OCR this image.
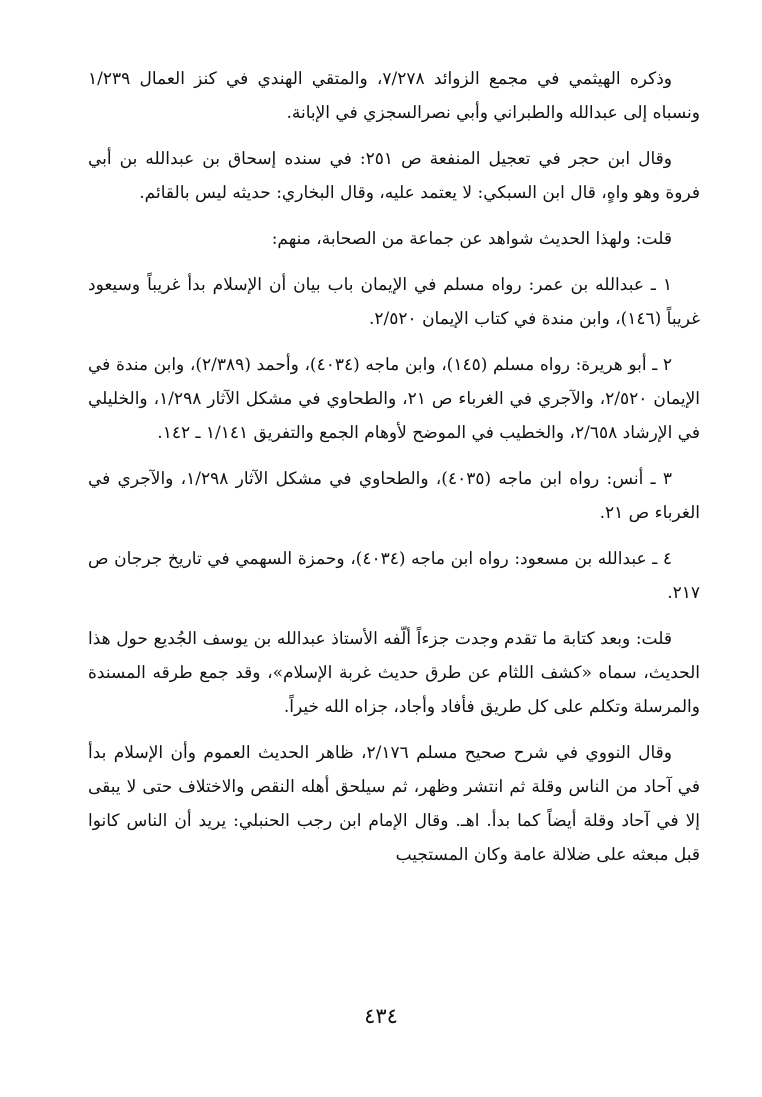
وذكره الهيثمي في مجمع الزوائد ٧/٢٧٨، والمتقي الهندي في كنز العمال ١/٢٣٩ ونسباه إلى عبدالله والطبراني وأبي نصرالسجزي في الإبانة.

وقال ابن حجر في تعجيل المنفعة ص ٢٥١: في سنده إسحاق بن عبدالله بن أبي فروة وهو واهٍ، قال ابن السبكي: لا يعتمد عليه، وقال البخاري: حديثه ليس بالقائم.

قلت: ولهذا الحديث شواهد عن جماعة من الصحابة، منهم:

١ ـ عبدالله بن عمر: رواه مسلم في الإيمان باب بيان أن الإسلام بدأ غريباً وسيعود غريباً (١٤٦)، وابن مندة في كتاب الإيمان ٢/٥٢٠.

٢ ـ أبو هريرة: رواه مسلم (١٤٥)، وابن ماجه (٤٠٣٤)، وأحمد (٢/٣٨٩)، وابن مندة في الإيمان ٢/٥٢٠، والآجري في الغرباء ص ٢١، والطحاوي في مشكل الآثار ١/٢٩٨، والخليلي في الإرشاد ٢/٦٥٨، والخطيب في الموضح لأوهام الجمع والتفريق ١/١٤١ ـ ١٤٢.

٣ ـ أنس: رواه ابن ماجه (٤٠٣٥)، والطحاوي في مشكل الآثار ١/٢٩٨، والآجري في الغرباء ص ٢١.

٤ ـ عبدالله بن مسعود: رواه ابن ماجه (٤٠٣٤)، وحمزة السهمي في تاريخ جرجان ص ٢١٧.

قلت: وبعد كتابة ما تقدم وجدت جزءاً ألّفه الأستاذ عبدالله بن يوسف الجُديع حول هذا الحديث، سماه «كشف اللثام عن طرق حديث غربة الإسلام»، وقد جمع طرقه المسندة والمرسلة وتكلم على كل طريق فأفاد وأجاد، جزاه الله خيراً.

وقال النووي في شرح صحيح مسلم ٢/١٧٦، ظاهر الحديث العموم وأن الإسلام بدأ في آحاد من الناس وقلة ثم انتشر وظهر، ثم سيلحق أهله النقص والاختلاف حتى لا يبقى إلا في آحاد وقلة أيضاً كما بدأ. اهـ. وقال الإمام ابن رجب الحنبلي: يريد أن الناس كانوا قبل مبعثه على ضلالة عامة وكان المستجيب

٤٣٤
